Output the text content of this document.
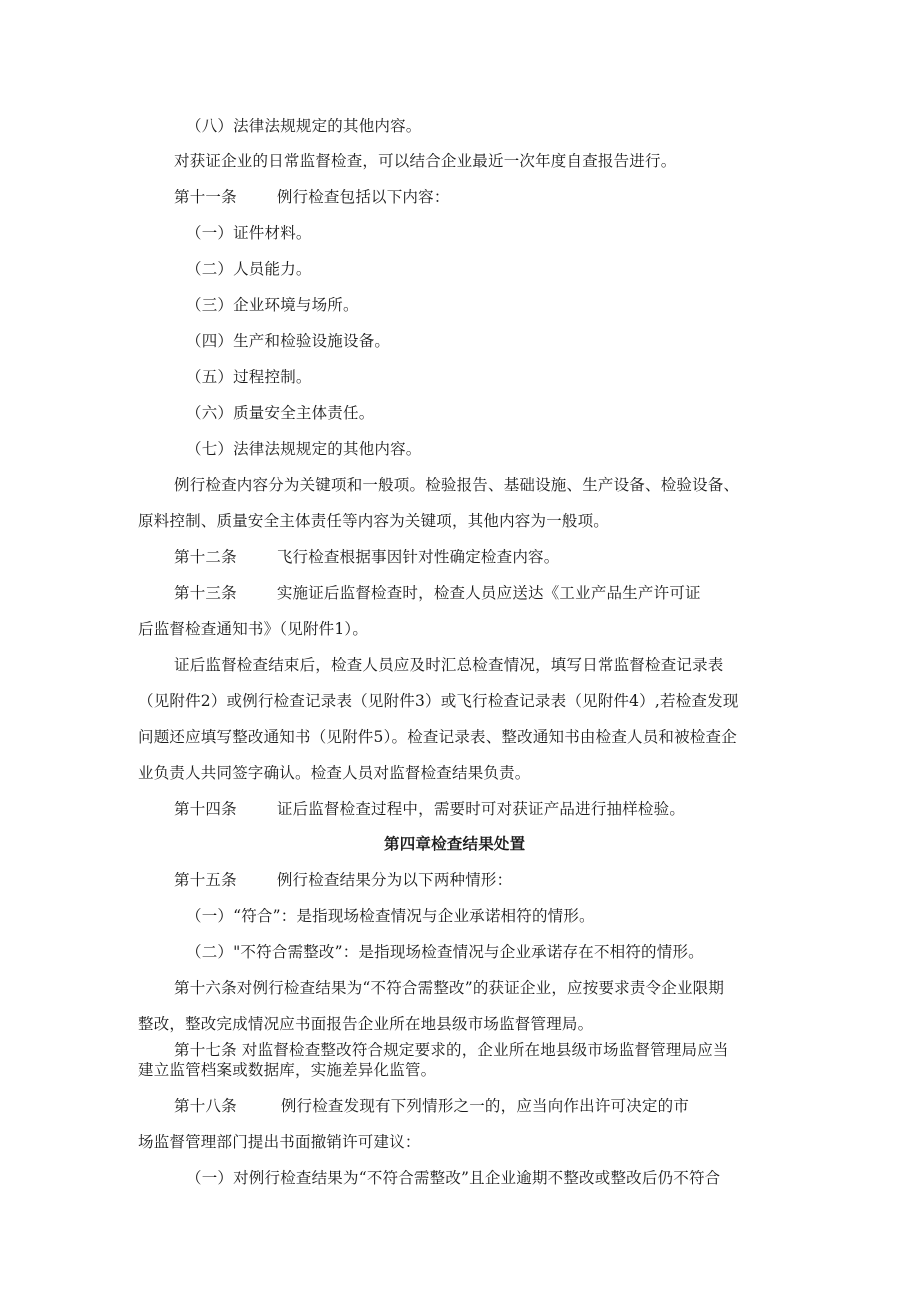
（八）法律法规规定的其他内容。
对获证企业的日常监督检查，可以结合企业最近一次年度自查报告进行。
第十一条	例行检查包括以下内容：
（一）证件材料。
（二）人员能力。
（三）企业环境与场所。
（四）生产和检验设施设备。
（五）过程控制。
（六）质量安全主体责任。
（七）法律法规规定的其他内容。
例行检查内容分为关键项和一般项。检验报告、基础设施、生产设备、检验设备、
原料控制、质量安全主体责任等内容为关键项，其他内容为一般项。
第十二条	飞行检查根据事因针对性确定检查内容。
第十三条	实施证后监督检查时，检查人员应送达《工业产品生产许可证
后监督检查通知书》（见附件1）。
证后监督检查结束后，检查人员应及时汇总检查情况，填写日常监督检查记录表
（见附件2）或例行检查记录表（见附件3）或飞行检查记录表（见附件4）,若检查发现
问题还应填写整改通知书（见附件5）。检查记录表、整改通知书由检查人员和被检查企
业负责人共同签字确认。检查人员对监督检查结果负责。
第十四条	证后监督检查过程中，需要时可对获证产品进行抽样检验。
第四章检查结果处置
第十五条	例行检查结果分为以下两种情形：
（一）“符合”：是指现场检查情况与企业承诺相符的情形。
（二）"不符合需整改”：是指现场检查情况与企业承诺存在不相符的情形。
第十六条对例行检查结果为“不符合需整改”的获证企业，应按要求责令企业限期
整改，整改完成情况应书面报告企业所在地县级市场监督管理局。
第十七条 对监督检查整改符合规定要求的，企业所在地县级市场监督管理局应当
建立监管档案或数据库，实施差异化监管。
第十八条	例行检查发现有下列情形之一的，应当向作出许可决定的市
场监督管理部门提出书面撤销许可建议：
（一）对例行检查结果为“不符合需整改”且企业逾期不整改或整改后仍不符合
